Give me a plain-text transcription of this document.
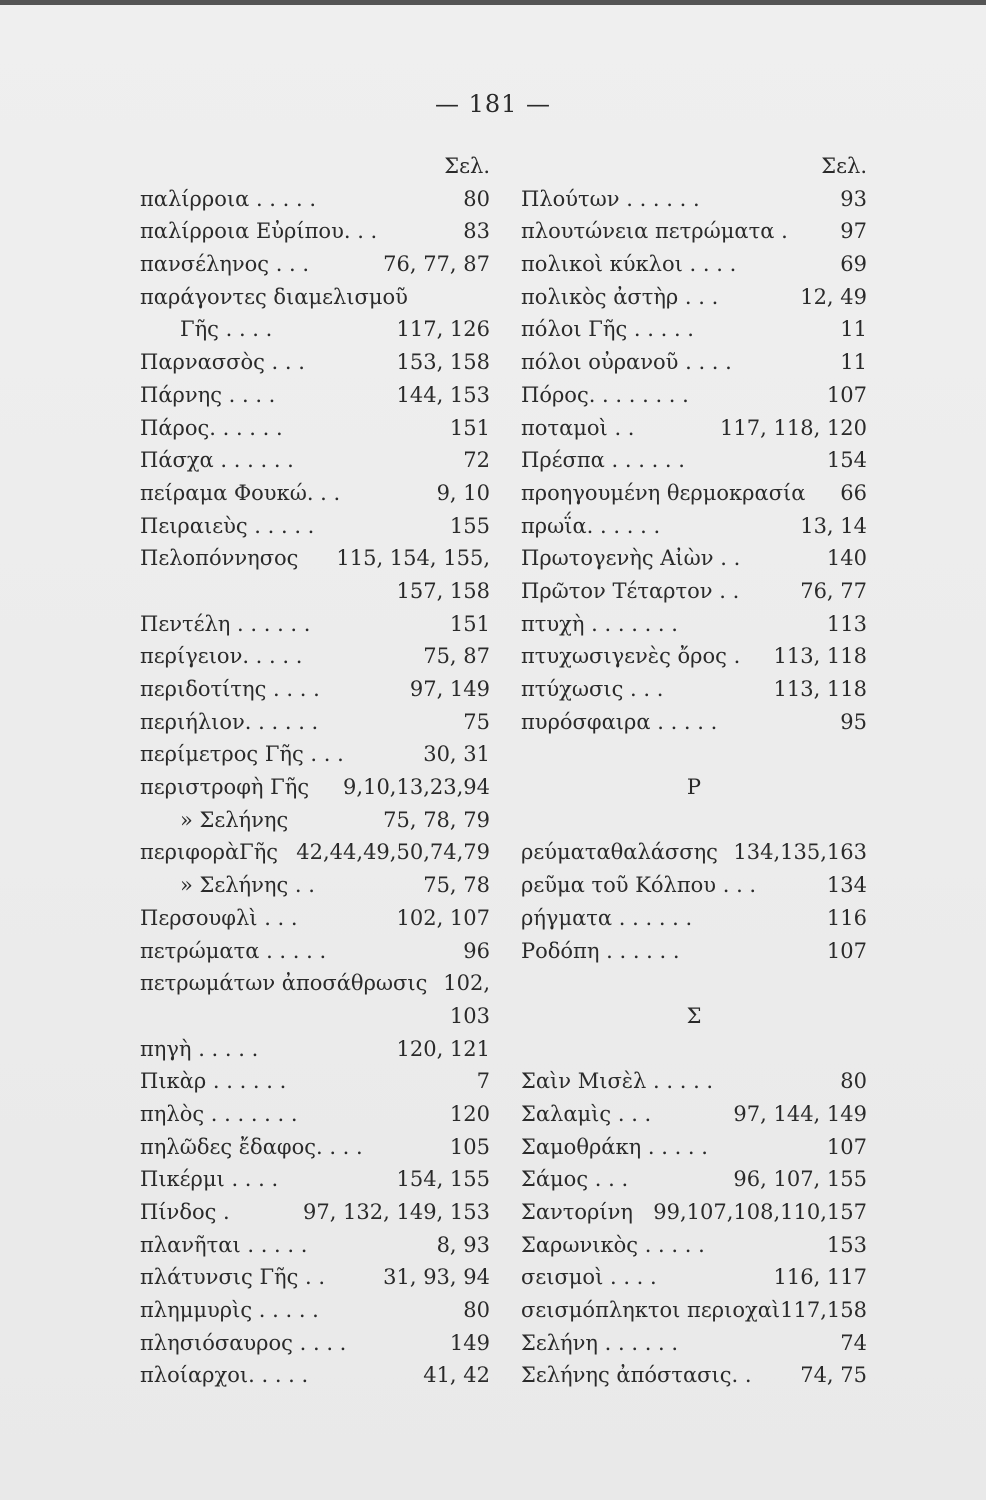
— 181 —
Σελ.
παλίρροια . . . . .	80
παλίρροια Εὐρίπου. . .	83
πανσέληνος . . .	76, 77, 87
παράγοντες διαμελισμοῦ
Γῆς . . . .	117, 126
Παρνασσὸς . . .	153, 158
Πάρνης . . . .	144, 153
Πάρος. . . . . .	151
Πάσχα . . . . . .	72
πείραμα Φουκώ. . .	9, 10
Πειραιεὺς . . . . .	155
Πελοπόννησος 115, 154, 155,
157, 158
Πεντέλη . . . . . .	151
περίγειον. . . . .	75, 87
περιδοτίτης . . . .	97, 149
περιήλιον. . . . . .	75
περίμετρος Γῆς . . .	30, 31
περιστροφὴ Γῆς 9,10,13,23,94
» Σελήνης	75, 78, 79
περιφορὰΓῆς 42,44,49,50,74,79
» Σελήνης . .	75, 78
Περσουφλὶ . . .	102, 107
πετρώματα . . . . .	96
πετρωμάτων ἀποσάθρωσις 102,
103
πηγὴ . . . . .	120, 121
Πικὰρ . . . . . .	7
πηλὸς . . . . . . .	120
πηλῶδες ἔδαφος. . . .	105
Πικέρμι . . . .	154, 155
Πίνδος .	97, 132, 149, 153
πλανῆται . . . . .	8, 93
πλάτυνσις Γῆς . .	31, 93, 94
πλημμυρὶς . . . . .	80
πλησιόσαυρος . . . .	149
πλοίαρχοι. . . . .	41, 42
Σελ.
Πλούτων . . . . . .	93
πλουτώνεια πετρώματα .	97
πολικοὶ κύκλοι . . . .	69
πολικὸς ἀστὴρ . . .	12, 49
πόλοι Γῆς . . . . .	11
πόλοι οὐρανοῦ . . . .	11
Πόρος. . . . . . . .	107
ποταμοὶ . .	117, 118, 120
Πρέσπα . . . . . .	154
προηγουμένη θερμοκρασία 66
πρωΐα. . . . . .	13, 14
Πρωτογενὴς Αἰὼν . .	140
Πρῶτον Τέταρτον . .	76, 77
πτυχὴ . . . . . . .	113
πτυχωσιγενὲς ὄρος . 113, 118
πτύχωσις . . .	113, 118
πυρόσφαιρα . . . . .	95
Ρ
ρεύματαθαλάσσης 134,135,163
ρεῦμα τοῦ Κόλπου . . .	134
ρήγματα . . . . . .	116
Ροδόπη . . . . . .	107
Σ
Σαὶν Μισὲλ . . . . .	80
Σαλαμὶς . . .	97, 144, 149
Σαμοθράκη . . . . .	107
Σάμος . . .	96, 107, 155
Σαντορίνη 99,107,108,110,157
Σαρωνικὸς . . . . .	153
σεισμοὶ . . . .	116, 117
σεισμόπληκτοι περιοχαὶ 117,158
Σελήνη . . . . . .	74
Σελήνης ἀπόστασις. . 74, 75
